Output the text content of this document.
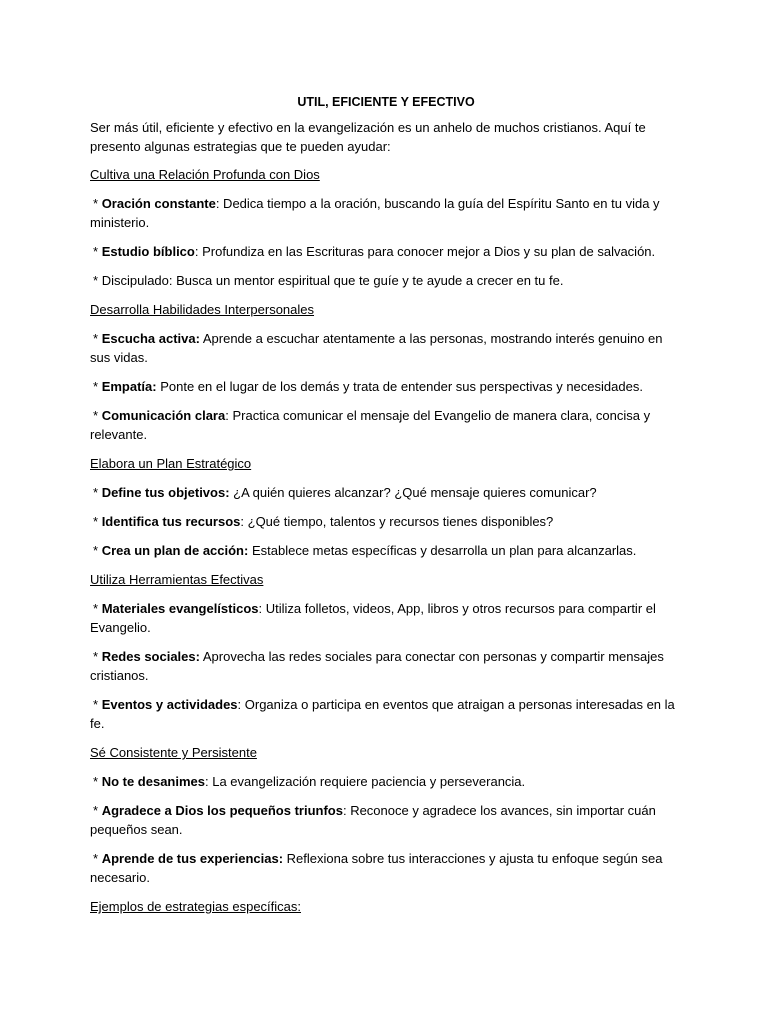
UTIL, EFICIENTE Y EFECTIVO

Ser más útil, eficiente y efectivo en la evangelización es un anhelo de muchos cristianos. Aquí te presento algunas estrategias que te pueden ayudar:

Cultiva una Relación Profunda con Dios

* Oración constante: Dedica tiempo a la oración, buscando la guía del Espíritu Santo en tu vida y ministerio.

* Estudio bíblico: Profundiza en las Escrituras para conocer mejor a Dios y su plan de salvación.

* Discipulado: Busca un mentor espiritual que te guíe y te ayude a crecer en tu fe.

Desarrolla Habilidades Interpersonales

* Escucha activa: Aprende a escuchar atentamente a las personas, mostrando interés genuino en sus vidas.

* Empatía: Ponte en el lugar de los demás y trata de entender sus perspectivas y necesidades.

* Comunicación clara: Practica comunicar el mensaje del Evangelio de manera clara, concisa y relevante.

Elabora un Plan Estratégico

* Define tus objetivos: ¿A quién quieres alcanzar? ¿Qué mensaje quieres comunicar?

* Identifica tus recursos: ¿Qué tiempo, talentos y recursos tienes disponibles?

* Crea un plan de acción: Establece metas específicas y desarrolla un plan para alcanzarlas.

Utiliza Herramientas Efectivas

* Materiales evangelísticos: Utiliza folletos, videos, App, libros y otros recursos para compartir el Evangelio.

* Redes sociales: Aprovecha las redes sociales para conectar con personas y compartir mensajes cristianos.

* Eventos y actividades: Organiza o participa en eventos que atraigan a personas interesadas en la fe.

Sé Consistente y Persistente

* No te desanimes: La evangelización requiere paciencia y perseverancia.

* Agradece a Dios los pequeños triunfos: Reconoce y agradece los avances, sin importar cuán pequeños sean.

* Aprende de tus experiencias: Reflexiona sobre tus interacciones y ajusta tu enfoque según sea necesario.

Ejemplos de estrategias específicas:
